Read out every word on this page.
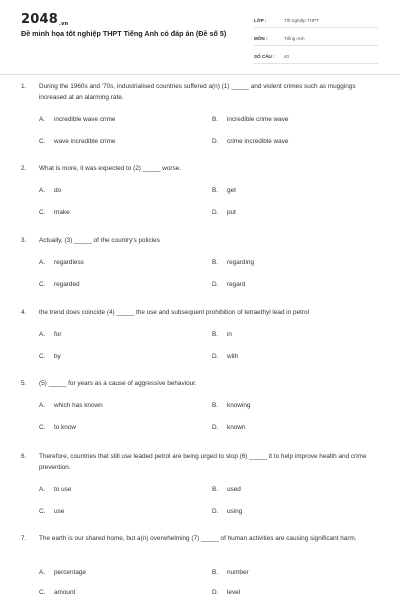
2048.vn
Đề minh họa tốt nghiệp THPT Tiếng Anh có đáp án (Đề số 5)
LỚP :	Tốt nghiệp THPT
MÔN :	Tiếng Anh
SỐ CÂU :	40
1.	During the 1960s and '70s, industrialised countries suffered a(n) (1) _____ and violent crimes such as muggings increased at an alarming rate.
A.	incredible wave crime	B.	incredible crime wave
C.	wave incredible crime	D.	crime incredible wave
2.	What is more, it was expected to (2) _____ worse.
A.	do	B.	get
C.	make	D.	put
3.	Actually, (3) _____ of the country's policies
A.	regardless	B.	regarding
C.	regarded	D.	regard
4.	the trend does coincide (4) _____ the use and subsequent prohibition of tetraethyl lead in petrol
A.	for	B.	in
C.	by	D.	with
5.	(5) _____ for years as a cause of aggressive behaviour.
A.	which has known	B.	knowing
C.	to know	D.	known
6.	Therefore, countries that still use leaded petrol are being urged to stop (6) _____ it to help improve health and crime prevention.
A.	to use	B.	used
C.	use	D.	using
7.	The earth is our shared home, but a(n) overwhelming (7) _____ of human activities are causing significant harm.
A.	percentage	B.	number
C.	amount	D.	level
